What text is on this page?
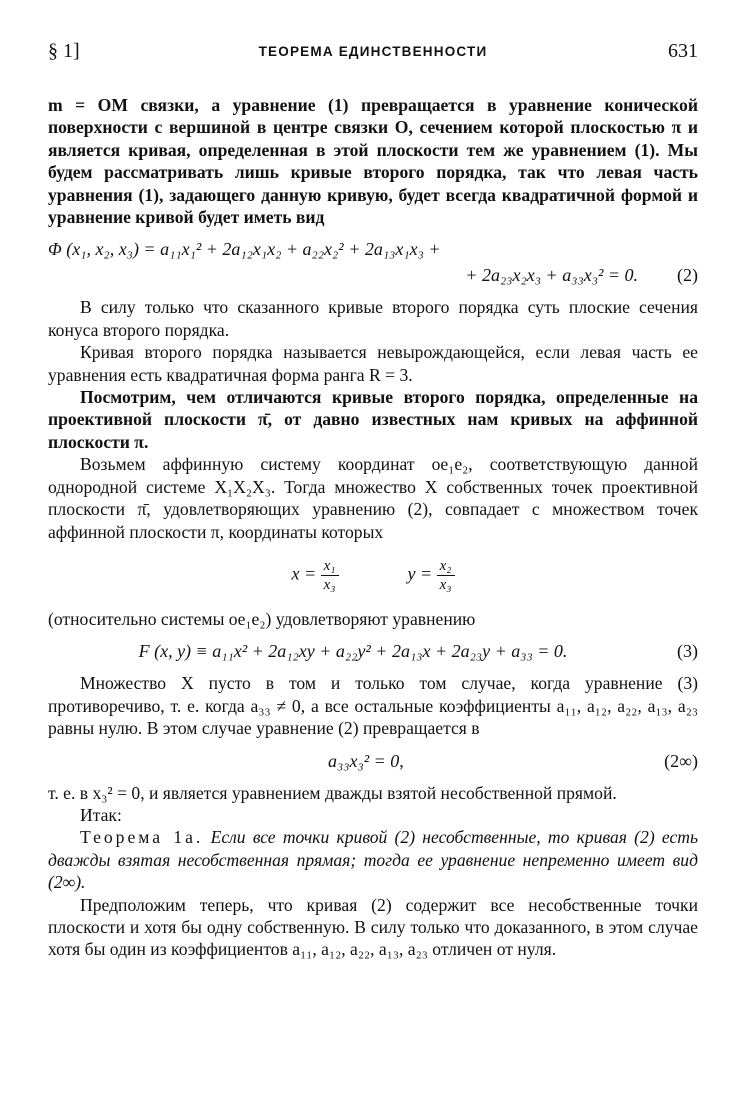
§ 1]	ТЕОРЕМА ЕДИНСТВЕННОСТИ	631

m = OM связки, а уравнение (1) превращается в уравнение конической поверхности с вершиной в центре связки O, сечением которой плоскостью π и является кривая, определенная в этой плоскости тем же уравнением (1). Мы будем рассматривать лишь кривые второго порядка, так что левая часть уравнения (1), задающего данную кривую, будет всегда квадратичной формой и уравнение кривой будет иметь вид

Φ (x₁, x₂, x₃) = a₁₁x₁² + 2a₁₂x₁x₂ + a₂₂x₂² + 2a₁₃x₁x₃ +
+ 2a₂₃x₂x₃ + a₃₃x₃² = 0.	(2)

В силу только что сказанного кривые второго порядка суть плоские сечения конуса второго порядка.

Кривая второго порядка называется невырождающейся, если левая часть ее уравнения есть квадратичная форма ранга R = 3.

Посмотрим, чем отличаются кривые второго порядка, определенные на проективной плоскости π̄, от давно известных нам кривых на аффинной плоскости π.

Возьмем аффинную систему координат oe₁e₂, соответствующую данной однородной системе X₁X₂X₃. Тогда множество X собственных точек проективной плоскости π̄, удовлетворяющих уравнению (2), совпадает с множеством точек аффинной плоскости π, координаты которых

$x = \frac{\text{x₁}}{\text{x₃}}$	$y = \frac{\text{x₂}}{\text{x₃}}$

(относительно системы oe₁e₂) удовлетворяют уравнению

F (x, y) ≡ a₁₁x² + 2a₁₂xy + a₂₂y² + 2a₁₃x + 2a₂₃y + a₃₃ = 0.	(3)

Множество X пусто в том и только том случае, когда уравнение (3) противоречиво, т. е. когда a₃₃ ≠ 0, а все остальные коэффициенты a₁₁, a₁₂, a₂₂, a₁₃, a₂₃ равны нулю. В этом случае уравнение (2) превращается в

a₃₃x₃² = 0,	(2∞)

т. е. в x₃² = 0, и является уравнением дважды взятой несобственной прямой.

Итак:

Теорема 1а. Если все точки кривой (2) несобственные, то кривая (2) есть дважды взятая несобственная прямая; тогда ее уравнение непременно имеет вид (2∞).

Предположим теперь, что кривая (2) содержит все несобственные точки плоскости и хотя бы одну собственную. В силу только что доказанного, в этом случае хотя бы один из коэффициентов a₁₁, a₁₂, a₂₂, a₁₃, a₂₃ отличен от нуля.
